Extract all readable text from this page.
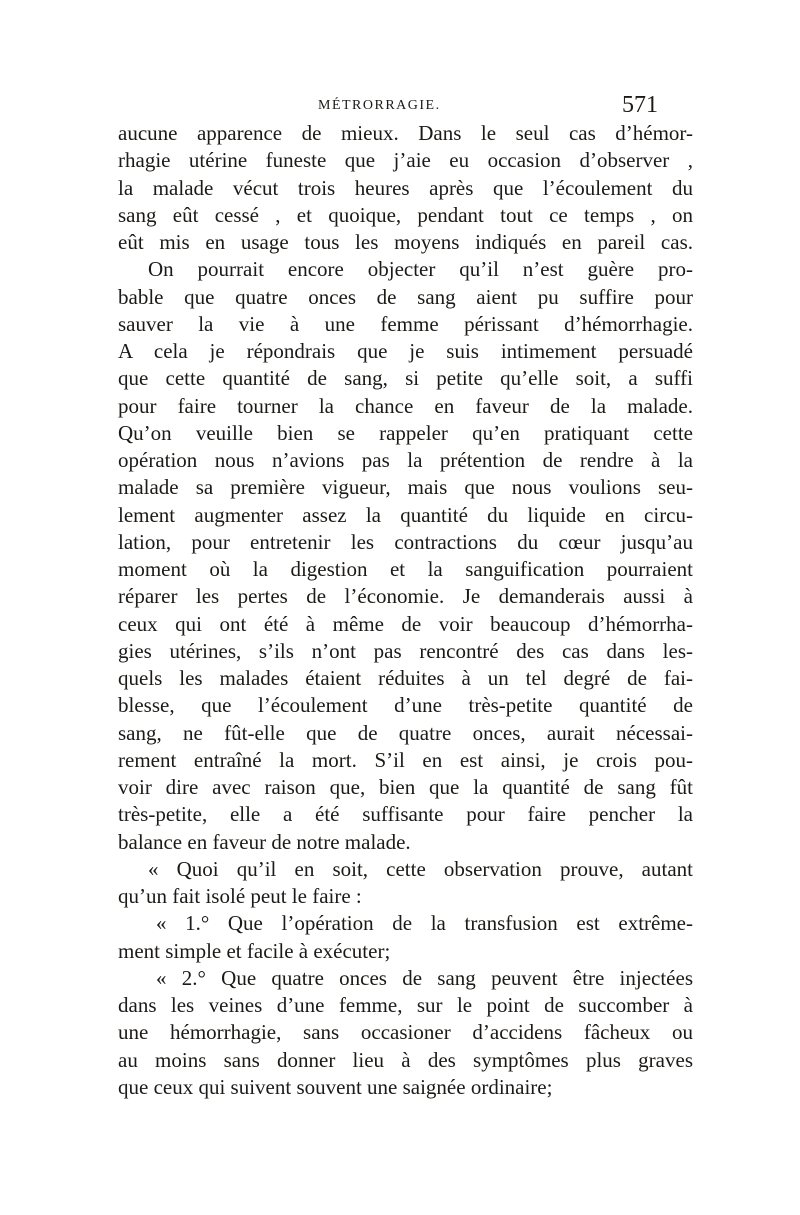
MÉTRORRAGIE.	571
aucune apparence de mieux. Dans le seul cas d’hémor-
rhagie utérine funeste que j’aie eu occasion d’observer ,
la malade vécut trois heures après que l’écoulement du
sang eût cessé , et quoique, pendant tout ce temps , on
eût mis en usage tous les moyens indiqués en pareil cas.
On pourrait encore objecter qu’il n’est guère pro-
bable que quatre onces de sang aient pu suffire pour
sauver la vie à une femme périssant d’hémorrhagie.
A cela je répondrais que je suis intimement persuadé
que cette quantité de sang, si petite qu’elle soit, a suffi
pour faire tourner la chance en faveur de la malade.
Qu’on veuille bien se rappeler qu’en pratiquant cette
opération nous n’avions pas la prétention de rendre à la
malade sa première vigueur, mais que nous voulions seu-
lement augmenter assez la quantité du liquide en circu-
lation, pour entretenir les contractions du cœur jusqu’au
moment où la digestion et la sanguification pourraient
réparer les pertes de l’économie. Je demanderais aussi à
ceux qui ont été à même de voir beaucoup d’hémorrha-
gies utérines, s’ils n’ont pas rencontré des cas dans les-
quels les malades étaient réduites à un tel degré de fai-
blesse, que l’écoulement d’une très-petite quantité de
sang, ne fût-elle que de quatre onces, aurait nécessai-
rement entraîné la mort. S’il en est ainsi, je crois pou-
voir dire avec raison que, bien que la quantité de sang fût
très-petite, elle a été suffisante pour faire pencher la
balance en faveur de notre malade.
« Quoi qu’il en soit, cette observation prouve, autant
qu’un fait isolé peut le faire :
« 1.° Que l’opération de la transfusion est extrême-
ment simple et facile à exécuter;
« 2.° Que quatre onces de sang peuvent être injectées
dans les veines d’une femme, sur le point de succomber à
une hémorrhagie, sans occasioner d’accidens fâcheux ou
au moins sans donner lieu à des symptômes plus graves
que ceux qui suivent souvent une saignée ordinaire;
